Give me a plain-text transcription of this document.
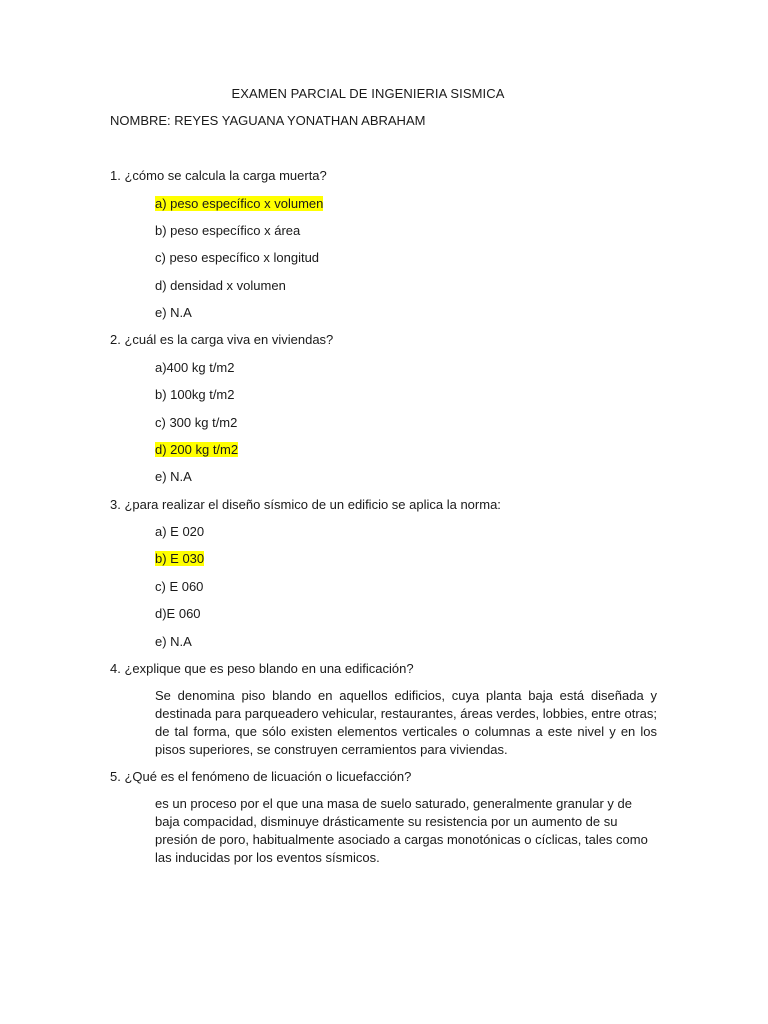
EXAMEN PARCIAL DE INGENIERIA SISMICA
NOMBRE: REYES YAGUANA YONATHAN ABRAHAM
1. ¿cómo se calcula la carga muerta?
a) peso específico x volumen
b) peso específico x área
c) peso específico x longitud
d) densidad x volumen
e) N.A
2. ¿cuál es la carga viva en viviendas?
a)400 kg t/m2
b) 100kg t/m2
c) 300 kg t/m2
d) 200 kg t/m2
e) N.A
3. ¿para realizar el diseño sísmico de un edificio se aplica la norma:
a) E 020
b) E 030
c) E 060
d)E 060
e) N.A
4. ¿explique que es peso blando en una edificación?
Se denomina piso blando en aquellos edificios, cuya planta baja está diseñada y destinada para parqueadero vehicular, restaurantes, áreas verdes, lobbies, entre otras; de tal forma, que sólo existen elementos verticales o columnas a este nivel y en los pisos superiores, se construyen cerramientos para viviendas.
5. ¿Qué es el fenómeno de licuación o licuefacción?
es un proceso por el que una masa de suelo saturado, generalmente granular y de baja compacidad, disminuye drásticamente su resistencia por un aumento de su presión de poro, habitualmente asociado a cargas monotónicas o cíclicas, tales como las inducidas por los eventos sísmicos.
